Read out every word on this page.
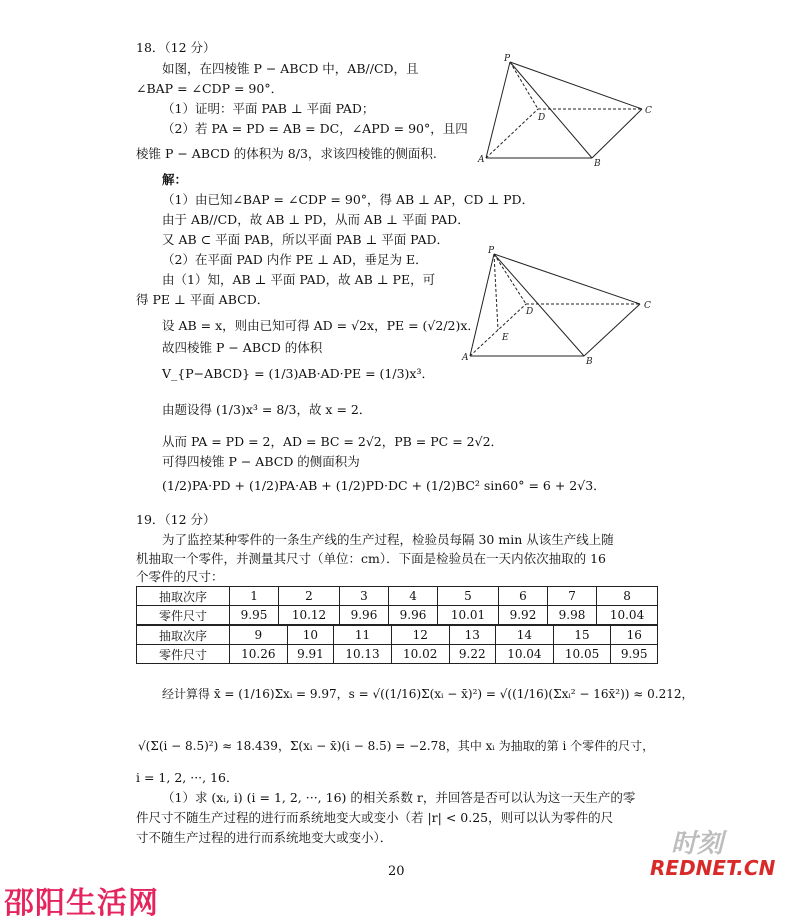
18．（12 分）
如图，在四棱锥 P − ABCD 中，AB//CD，且
∠BAP = ∠CDP = 90°．
（1）证明：平面 PAB ⊥ 平面 PAD；
（2）若 PA = PD = AB = DC，∠APD = 90°，且四
棱锥 P − ABCD 的体积为 8/3，求该四棱锥的侧面积.
解：
（1）由已知∠BAP = ∠CDP = 90°，得 AB ⊥ AP，CD ⊥ PD．
由于 AB//CD，故 AB ⊥ PD，从而 AB ⊥ 平面 PAD．
又 AB ⊂ 平面 PAB，所以平面 PAB ⊥ 平面 PAD．
（2）在平面 PAD 内作 PE ⊥ AD，垂足为 E．
由（1）知，AB ⊥ 平面 PAD，故 AB ⊥ PE，可
得 PE ⊥ 平面 ABCD．
设 AB = x，则由已知可得 AD = √2x，PE = (√2/2)x．
故四棱锥 P − ABCD 的体积
V_{P−ABCD} = (1/3)AB·AD·PE = (1/3)x³．
由题设得 (1/3)x³ = 8/3，故 x = 2．
从而 PA = PD = 2，AD = BC = 2√2，PB = PC = 2√2．
可得四棱锥 P − ABCD 的侧面积为
(1/2)PA·PD + (1/2)PA·AB + (1/2)PD·DC + (1/2)BC² sin60° = 6 + 2√3．
P
A	B
C
D
P
A	B
C
D
E
19．（12 分）
为了监控某种零件的一条生产线的生产过程，检验员每隔 30 min 从该生产线上随
机抽取一个零件，并测量其尺寸（单位：cm）．下面是检验员在一天内依次抽取的 16
个零件的尺寸：
抽取次序	1	2	3	4	5	6	7	8
零件尺寸	9.95	10.12	9.96	9.96	10.01	9.92	9.98	10.04
抽取次序	9	10	11	12	13	14	15	16
零件尺寸	10.26	9.91	10.13	10.02	9.22	10.04	10.05	9.95
经计算得 x̄ = (1/16)Σxᵢ = 9.97，s = √((1/16)Σ(xᵢ − x̄)²) = √((1/16)(Σxᵢ² − 16x̄²)) ≈ 0.212，
√(Σ(i − 8.5)²) ≈ 18.439，Σ(xᵢ − x̄)(i − 8.5) = −2.78，其中 xᵢ 为抽取的第 i 个零件的尺寸，
i = 1, 2, ···, 16．
（1）求 (xᵢ, i) (i = 1, 2, ···, 16) 的相关系数 r，并回答是否可以认为这一天生产的零
件尺寸不随生产过程的进行而系统地变大或变小（若 |r| < 0.25，则可以认为零件的尺
寸不随生产过程的进行而系统地变大或变小）．
20
邵阳生活网
时刻
REDNET.CN
